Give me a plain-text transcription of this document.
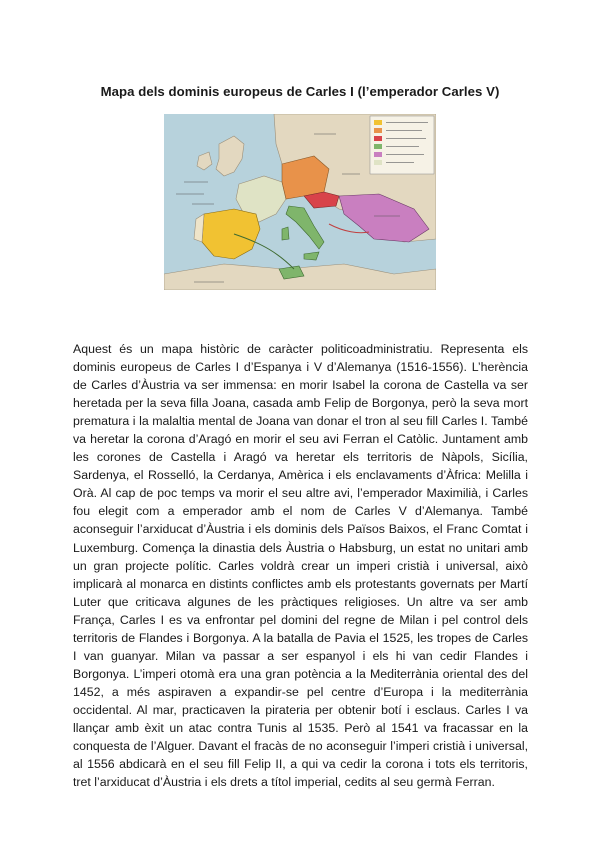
Mapa dels dominis europeus de Carles I (l’emperador Carles V)

Aquest és un mapa històric de caràcter politicoadministratiu. Representa els dominis europeus de Carles I d’Espanya i V d’Alemanya (1516-1556). L’herència de Carles d’Àustria va ser immensa: en morir Isabel la corona de Castella va ser heretada per la seva filla Joana, casada amb Felip de Borgonya, però la seva mort prematura i la malaltia mental de Joana van donar el tron al seu fill Carles I. També va heretar la corona d’Aragó en morir el seu avi Ferran el Catòlic. Juntament amb les corones de Castella i Aragó va heretar els territoris de Nàpols, Sicília, Sardenya, el Rosselló, la Cerdanya, Amèrica i els enclavaments d’Àfrica: Melilla i Orà. Al cap de poc temps va morir el seu altre avi, l’emperador Maximilià, i Carles fou elegit com a emperador amb el nom de Carles V d’Alemanya. També aconseguir l’arxiducat d’Àustria i els dominis dels Països Baixos, el Franc Comtat i Luxemburg. Comença la dinastia dels Àustria o Habsburg, un estat no unitari amb un gran projecte polític. Carles voldrà crear un imperi cristià i universal, això implicarà al monarca en distints conflictes amb els protestants governats per Martí Luter que criticava algunes de les pràctiques religioses. Un altre va ser amb França, Carles I es va enfrontar pel domini del regne de Milan i pel control dels territoris de Flandes i Borgonya. A la batalla de Pavia el 1525, les tropes de Carles I van guanyar. Milan va passar a ser espanyol i els hi van cedir Flandes i Borgonya. L’imperi otomà era una gran potència a la Mediterrània oriental des del 1452, a més aspiraven a expandir-se pel centre d’Europa i la mediterrània occidental. Al mar, practicaven la pirateria per obtenir botí i esclaus. Carles I va llançar amb èxit un atac contra Tunis al 1535. Però al 1541 va fracassar en la conquesta de l’Alguer. Davant el fracàs de no aconseguir l’imperi cristià i universal, al 1556 abdicarà en el seu fill Felip II, a qui va cedir la corona i tots els territoris, tret l’arxiducat d’Àustria i els drets a títol imperial, cedits al seu germà Ferran.
